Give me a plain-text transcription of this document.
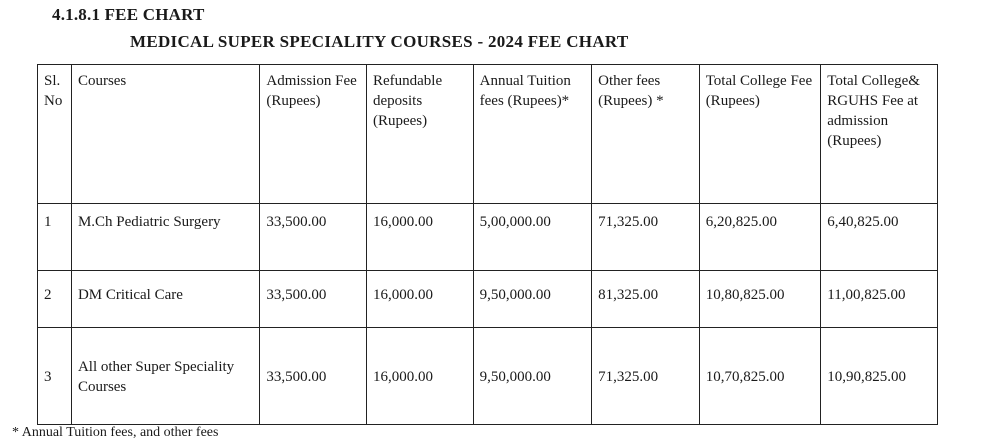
4.1.8.1 FEE CHART
MEDICAL SUPER SPECIALITY COURSES - 2024 FEE CHART
Sl. No	Courses	Admission Fee (Rupees)	Refundable deposits (Rupees)	Annual Tuition fees (Rupees)*	Other fees (Rupees) *	Total College Fee (Rupees)	Total College& RGUHS Fee at admission (Rupees)
1	M.Ch Pediatric Surgery	33,500.00	16,000.00	5,00,000.00	71,325.00	6,20,825.00	6,40,825.00
2	DM Critical Care	33,500.00	16,000.00	9,50,000.00	81,325.00	10,80,825.00	11,00,825.00
3	All other Super Speciality Courses	33,500.00	16,000.00	9,50,000.00	71,325.00	10,70,825.00	10,90,825.00
* Annual Tuition fees, and other fees
